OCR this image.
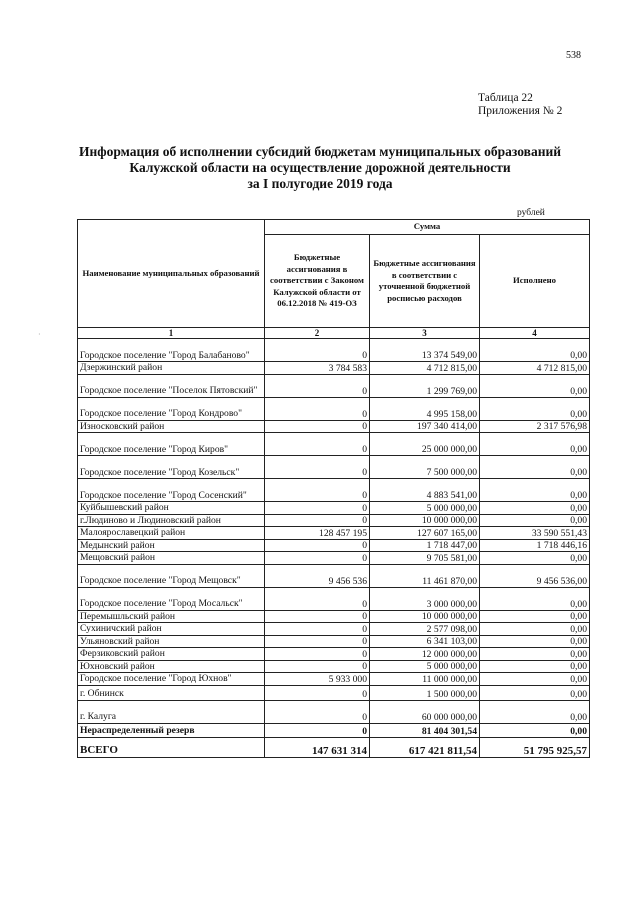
538
Таблица 22
Приложения № 2
Информация об исполнении субсидий бюджетам муниципальных образований
Калужской области на осуществление дорожной деятельности
за I полугодие 2019 года
рублей
Наименование муниципальных образований	Сумма		
	Бюджетные ассигнования в соответствии с Законом Калужской области от 06.12.2018 № 419-ОЗ	Бюджетные ассигнования в соответствии с уточненной бюджетной росписью расходов	Исполнено
1	2	3	4
Городское поселение "Город Балабаново"	0	13 374 549,00	0,00
Дзержинский район	3 784 583	4 712 815,00	4 712 815,00
Городское поселение "Поселок Пятовский"	0	1 299 769,00	0,00
Городское поселение "Город Кондрово"	0	4 995 158,00	0,00
Износковский район	0	197 340 414,00	2 317 576,98
Городское поселение "Город Киров"	0	25 000 000,00	0,00
Городское поселение "Город Козельск"	0	7 500 000,00	0,00
Городское поселение "Город Сосенский"	0	4 883 541,00	0,00
Куйбышевский район	0	5 000 000,00	0,00
г.Людиново и Людиновский район	0	10 000 000,00	0,00
Малоярославецкий район	128 457 195	127 607 165,00	33 590 551,43
Медынский район	0	1 718 447,00	1 718 446,16
Мещовский район	0	9 705 581,00	0,00
Городское поселение "Город Мещовск"	9 456 536	11 461 870,00	9 456 536,00
Городское поселение "Город Мосальск"	0	3 000 000,00	0,00
Перемышльский район	0	10 000 000,00	0,00
Сухиничский район	0	2 577 098,00	0,00
Ульяновский район	0	6 341 103,00	0,00
Ферзиковский район	0	12 000 000,00	0,00
Юхновский район	0	5 000 000,00	0,00
Городское поселение "Город Юхнов"	5 933 000	11 000 000,00	0,00
г. Обнинск	0	1 500 000,00	0,00
г. Калуга	0	60 000 000,00	0,00
Нераспределенный резерв	0	81 404 301,54	0,00
ВСЕГО	147 631 314	617 421 811,54	51 795 925,57
·
